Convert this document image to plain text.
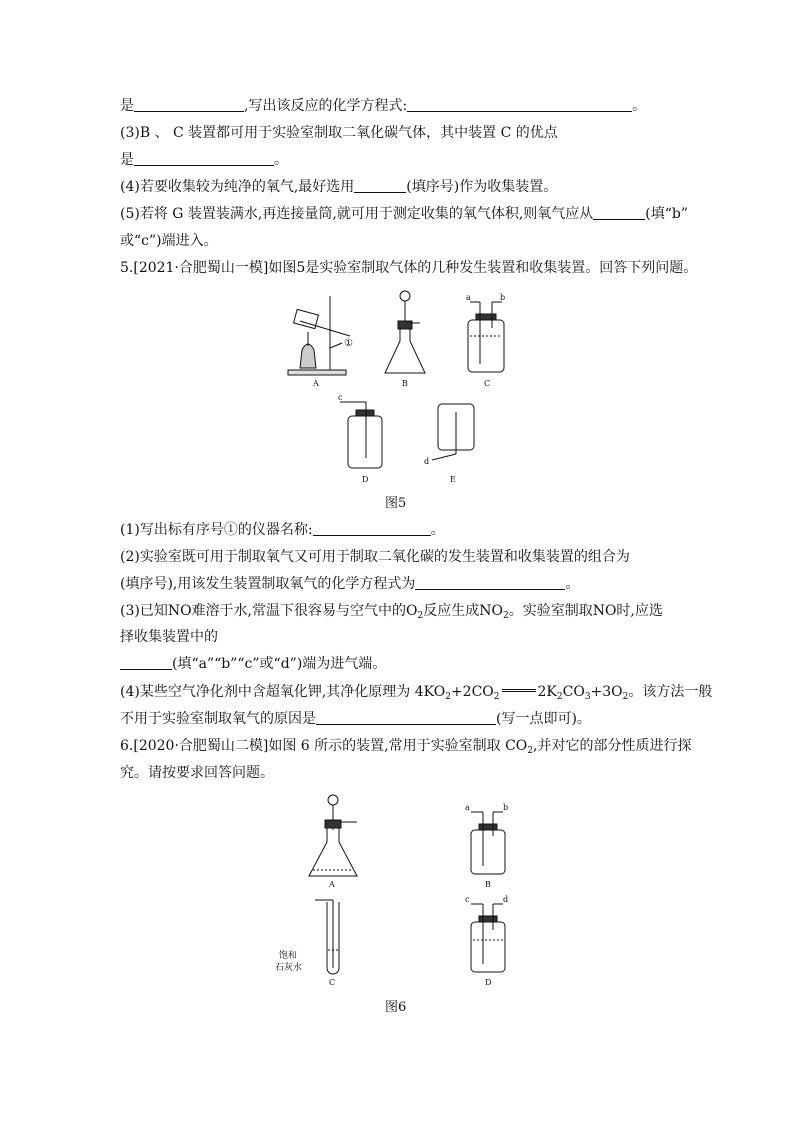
是	,写出该反应的化学方程式:	。
(3)B 、 C 装置都可用于实验室制取二氧化碳气体，其中装置 C 的优点
是	。
(4)若要收集较为纯净的氧气,最好选用	(填序号)作为收集装置。
(5)若将 G 装置装满水,再连接量筒,就可用于测定收集的氧气体积,则氧气应从	(填“b”
或“c”)端进入。
5.[2021·合肥蜀山一模]如图5是实验室制取气体的几种发生装置和收集装置。回答下列问题。
①
A	B
a	b
C
c
D
d
E
图5
(1)写出标有序号①的仪器名称:	。
(2)实验室既可用于制取氧气又可用于制取二氧化碳的发生装置和收集装置的组合为
(填序号),用该发生装置制取氧气的化学方程式为	。
(3)已知NO难溶于水,常温下很容易与空气中的$O_2$反应生成$NO_2$。实验室制取NO时,应选
择收集装置中的
(填“a”“b”“c”或“d”)端为进气端。
(4)某些空气净化剂中含超氧化钾,其净化原理为 $4KO_2+2CO_2$	$2K_2CO_3+3O_2$。该方法一般
不用于实验室制取氧气的原因是	(写一点即可)。
6.[2020·合肥蜀山二模]如图 6 所示的装置,常用于实验室制取 $CO_2$,并对它的部分性质进行探
究。请按要求回答问题。
A
a	b
B
饱和
石灰水
C
c	d
D
图6
